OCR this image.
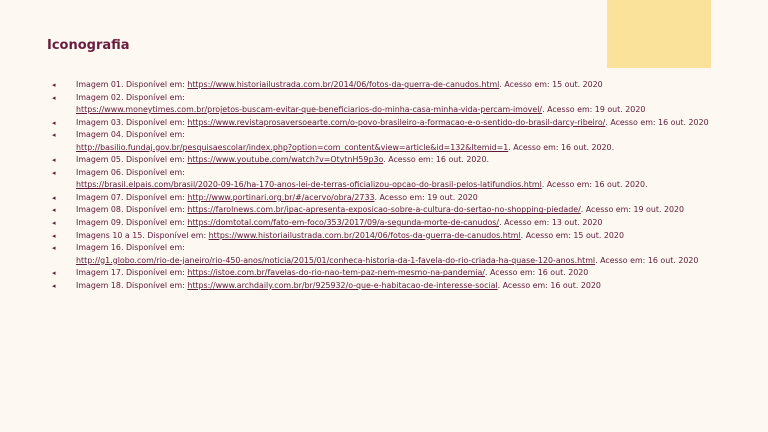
Iconografia
◂	Imagem 01. Disponível em: https://www.historiailustrada.com.br/2014/06/fotos-da-guerra-de-canudos.html. Acesso em: 15 out. 2020
◂	Imagem 02. Disponível em:
https://www.moneytimes.com.br/projetos-buscam-evitar-que-beneficiarios-do-minha-casa-minha-vida-percam-imovel/. Acesso em: 19 out. 2020
◂	Imagem 03. Disponível em: https://www.revistaprosaversoearte.com/o-povo-brasileiro-a-formacao-e-o-sentido-do-brasil-darcy-ribeiro/. Acesso em: 16 out. 2020
◂	Imagem 04. Disponível em:
http://basilio.fundaj.gov.br/pesquisaescolar/index.php?option=com_content&view=article&id=132&Itemid=1. Acesso em: 16 out. 2020.
◂	Imagem 05. Disponível em: https://www.youtube.com/watch?v=OtytnH59p3o. Acesso em: 16 out. 2020.
◂	Imagem 06. Disponível em:
https://brasil.elpais.com/brasil/2020-09-16/ha-170-anos-lei-de-terras-oficializou-opcao-do-brasil-pelos-latifundios.html. Acesso em: 16 out. 2020.
◂	Imagem 07. Disponível em: http://www.portinari.org.br/#/acervo/obra/2733. Acesso em: 19 out. 2020
◂	Imagem 08. Disponível em: https://farolnews.com.br/ipac-apresenta-exposicao-sobre-a-cultura-do-sertao-no-shopping-piedade/. Acesso em: 19 out. 2020
◂	Imagem 09. Disponível em: https://domtotal.com/fato-em-foco/353/2017/09/a-segunda-morte-de-canudos/. Acesso em: 13 out. 2020
◂	Imagens 10 a 15. Disponível em: https://www.historiailustrada.com.br/2014/06/fotos-da-guerra-de-canudos.html. Acesso em: 15 out. 2020
◂	Imagem 16. Disponível em:
http://g1.globo.com/rio-de-janeiro/rio-450-anos/noticia/2015/01/conheca-historia-da-1-favela-do-rio-criada-ha-quase-120-anos.html. Acesso em: 16 out. 2020
◂	Imagem 17. Disponível em: https://istoe.com.br/favelas-do-rio-nao-tem-paz-nem-mesmo-na-pandemia/. Acesso em: 16 out. 2020
◂	Imagem 18. Disponível em: https://www.archdaily.com.br/br/925932/o-que-e-habitacao-de-interesse-social. Acesso em: 16 out. 2020
